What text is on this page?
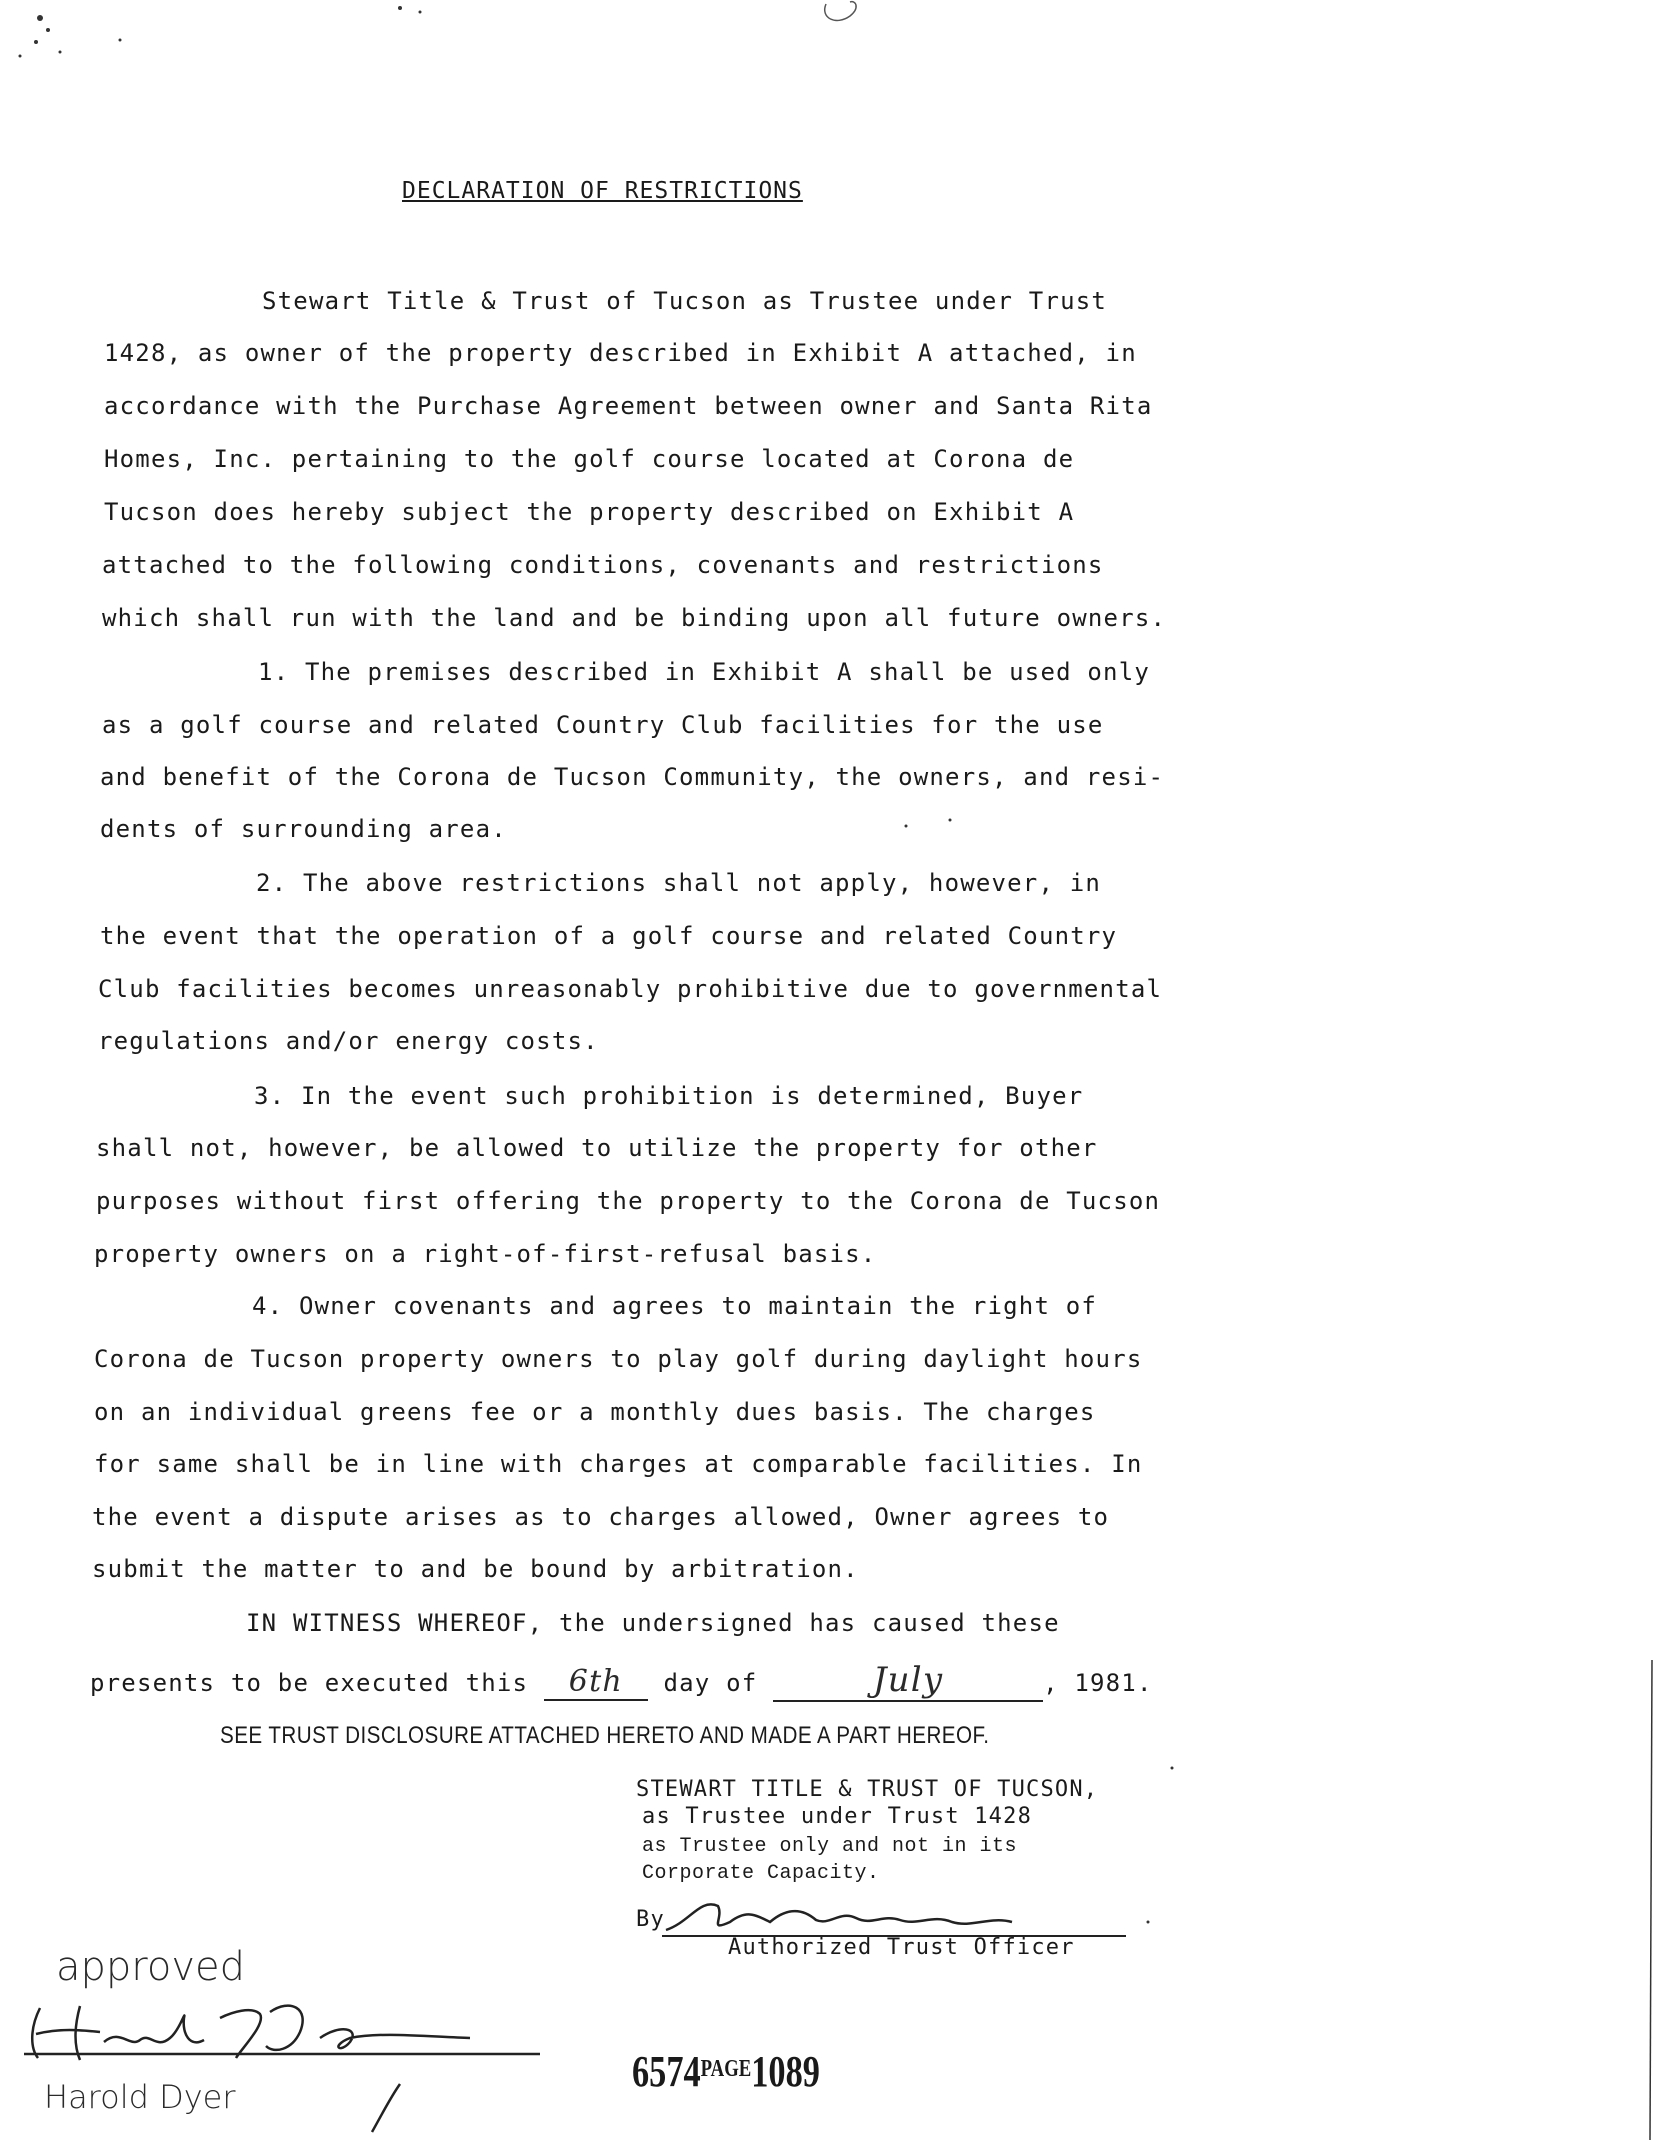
DECLARATION OF RESTRICTIONS
Stewart Title & Trust of Tucson as Trustee under Trust
1428, as owner of the property described in Exhibit A attached, in
accordance with the Purchase Agreement between owner and Santa Rita
Homes, Inc. pertaining to the golf course located at Corona de
Tucson does hereby subject the property described on Exhibit A
attached to the following conditions, covenants and restrictions
which shall run with the land and be binding upon all future owners.
1. The premises described in Exhibit A shall be used only
as a golf course and related Country Club facilities for the use
and benefit of the Corona de Tucson Community, the owners, and resi-
dents of surrounding area.
2. The above restrictions shall not apply, however, in
the event that the operation of a golf course and related Country
Club facilities becomes unreasonably prohibitive due to governmental
regulations and/or energy costs.
3. In the event such prohibition is determined, Buyer
shall not, however, be allowed to utilize the property for other
purposes without first offering the property to the Corona de Tucson
property owners on a right-of-first-refusal basis.
4. Owner covenants and agrees to maintain the right of
Corona de Tucson property owners to play golf during daylight hours
on an individual greens fee or a monthly dues basis. The charges
for same shall be in line with charges at comparable facilities. In
the event a dispute arises as to charges allowed, Owner agrees to
submit the matter to and be bound by arbitration.
IN WITNESS WHEREOF, the undersigned has caused these
presents to be executed this 6th day of	July	, 1981.
SEE TRUST DISCLOSURE ATTACHED HERETO AND MADE A PART HEREOF.
STEWART TITLE & TRUST OF TUCSON,
as Trustee under Trust 1428
as Trustee only and not in its
Corporate Capacity.
By
Authorized Trust Officer
approved
Harold Dyer
$6574^{PAGE}1089$
